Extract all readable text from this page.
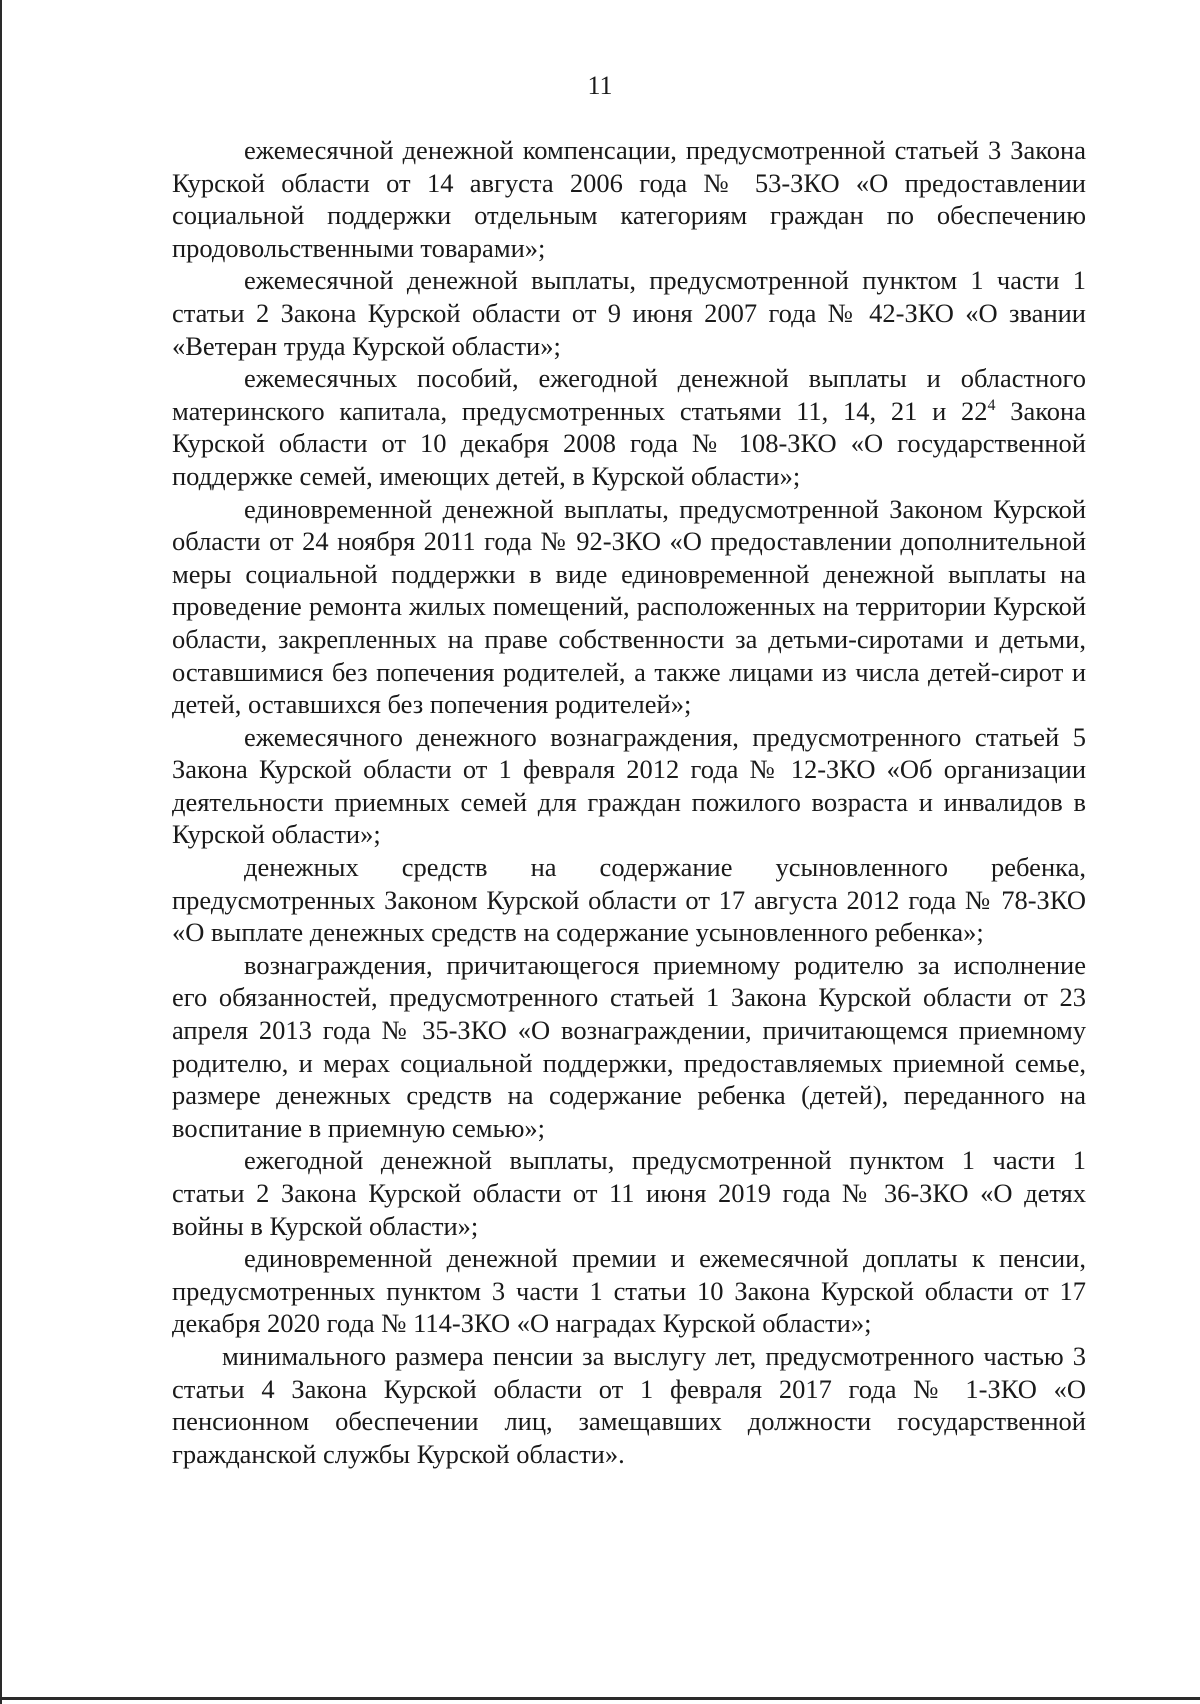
11

ежемесячной денежной компенсации, предусмотренной статьей 3 Закона Курской области от 14 августа 2006 года № 53-ЗКО «О предоставлении социальной поддержки отдельным категориям граждан по обеспечению продовольственными товарами»;

ежемесячной денежной выплаты, предусмотренной пунктом 1 части 1 статьи 2 Закона Курской области от 9 июня 2007 года № 42-ЗКО «О звании «Ветеран труда Курской области»;

ежемесячных пособий, ежегодной денежной выплаты и областного материнского капитала, предусмотренных статьями 11, 14, 21 и $22^4$ Закона Курской области от 10 декабря 2008 года № 108-ЗКО «О государственной поддержке семей, имеющих детей, в Курской области»;

единовременной денежной выплаты, предусмотренной Законом Курской области от 24 ноября 2011 года № 92-ЗКО «О предоставлении дополнительной меры социальной поддержки в виде единовременной денежной выплаты на проведение ремонта жилых помещений, расположенных на территории Курской области, закрепленных на праве собственности за детьми-сиротами и детьми, оставшимися без попечения родителей, а также лицами из числа детей-сирот и детей, оставшихся без попечения родителей»;

ежемесячного денежного вознаграждения, предусмотренного статьей 5 Закона Курской области от 1 февраля 2012 года № 12-ЗКО «Об организации деятельности приемных семей для граждан пожилого возраста и инвалидов в Курской области»;

денежных средств на содержание усыновленного ребенка, предусмотренных Законом Курской области от 17 августа 2012 года № 78-ЗКО «О выплате денежных средств на содержание усыновленного ребенка»;

вознаграждения, причитающегося приемному родителю за исполнение его обязанностей, предусмотренного статьей 1 Закона Курской области от 23 апреля 2013 года № 35-ЗКО «О вознаграждении, причитающемся приемному родителю, и мерах социальной поддержки, предоставляемых приемной семье, размере денежных средств на содержание ребенка (детей), переданного на воспитание в приемную семью»;

ежегодной денежной выплаты, предусмотренной пунктом 1 части 1 статьи 2 Закона Курской области от 11 июня 2019 года № 36-ЗКО «О детях войны в Курской области»;

единовременной денежной премии и ежемесячной доплаты к пенсии, предусмотренных пунктом 3 части 1 статьи 10 Закона Курской области от 17 декабря 2020 года № 114-ЗКО «О наградах Курской области»;

минимального размера пенсии за выслугу лет, предусмотренного частью 3 статьи 4 Закона Курской области от 1 февраля 2017 года № 1-ЗКО «О пенсионном обеспечении лиц, замещавших должности государственной гражданской службы Курской области».
